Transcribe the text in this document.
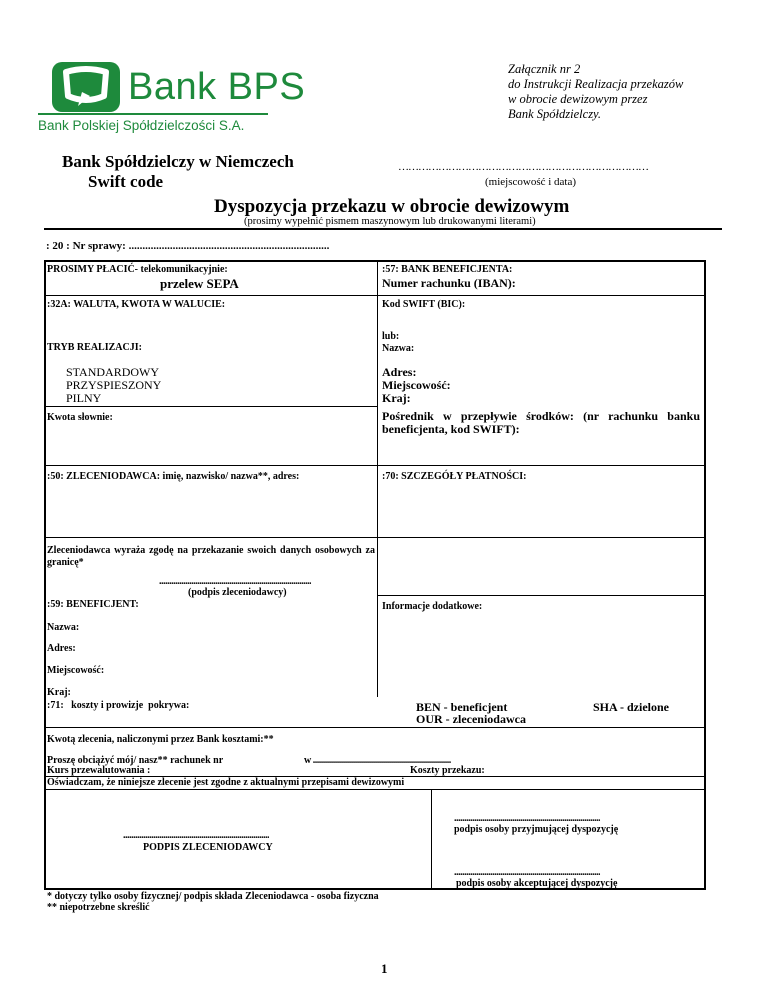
Bank BPS
Bank Polskiej Spółdzielczości S.A.
Załącznik nr 2
do Instrukcji Realizacja przekazów
w obrocie dewizowym przez
Bank Spółdzielczy.
Bank Spółdzielczy w Niemczech
Swift code
…………………………………………………………………
(miejscowość i data)
Dyspozycja przekazu w obrocie dewizowym
(prosimy wypełnić pismem maszynowym lub drukowanymi literami)
: 20 : Nr sprawy: .........................................................................
PROSIMY PŁACIĆ- telekomunikacyjnie:
przelew SEPA
:32A: WALUTA, KWOTA W WALUCIE:
TRYB REALIZACJI:
STANDARDOWY
PRZYSPIESZONY
PILNY
Kwota słownie:
:50: ZLECENIODAWCA: imię, nazwisko/ nazwa**, adres:
Zleceniodawca wyraża zgodę na przekazanie swoich danych osobowych za granicę*
............................................................................
(podpis zleceniodawcy)
:59: BENEFICJENT:
Nazwa:
Adres:
Miejscowość:
Kraj:
:57: BANK BENEFICJENTA:
Numer rachunku (IBAN):
Kod SWIFT (BIC):
lub:
Nazwa:
Adres:
Miejscowość:
Kraj:
Pośrednik w przepływie środków: (nr rachunku banku beneficjenta, kod SWIFT):
:70: SZCZEGÓŁY PŁATNOŚCI:
Informacje dodatkowe:
:71:   koszty i prowizje  pokrywa:	BEN - beneficjent
OUR - zleceniodawca
SHA - dzielone
Kwotą zlecenia, naliczonymi przez Bank kosztami:**
Proszę obciążyć mój/ nasz** rachunek nr	w .....................................................................
Kurs przewalutowania :	Koszty przekazu:
Oświadczam, że niniejsze zlecenie jest zgodne z aktualnymi przepisami dewizowymi
.........................................................................
PODPIS ZLECENIODAWCY
.........................................................................
podpis osoby przyjmującej dyspozycję
.........................................................................
podpis osoby akceptującej dyspozycję
* dotyczy tylko osoby fizycznej/ podpis składa Zleceniodawca - osoba fizyczna
** niepotrzebne skreślić
1
